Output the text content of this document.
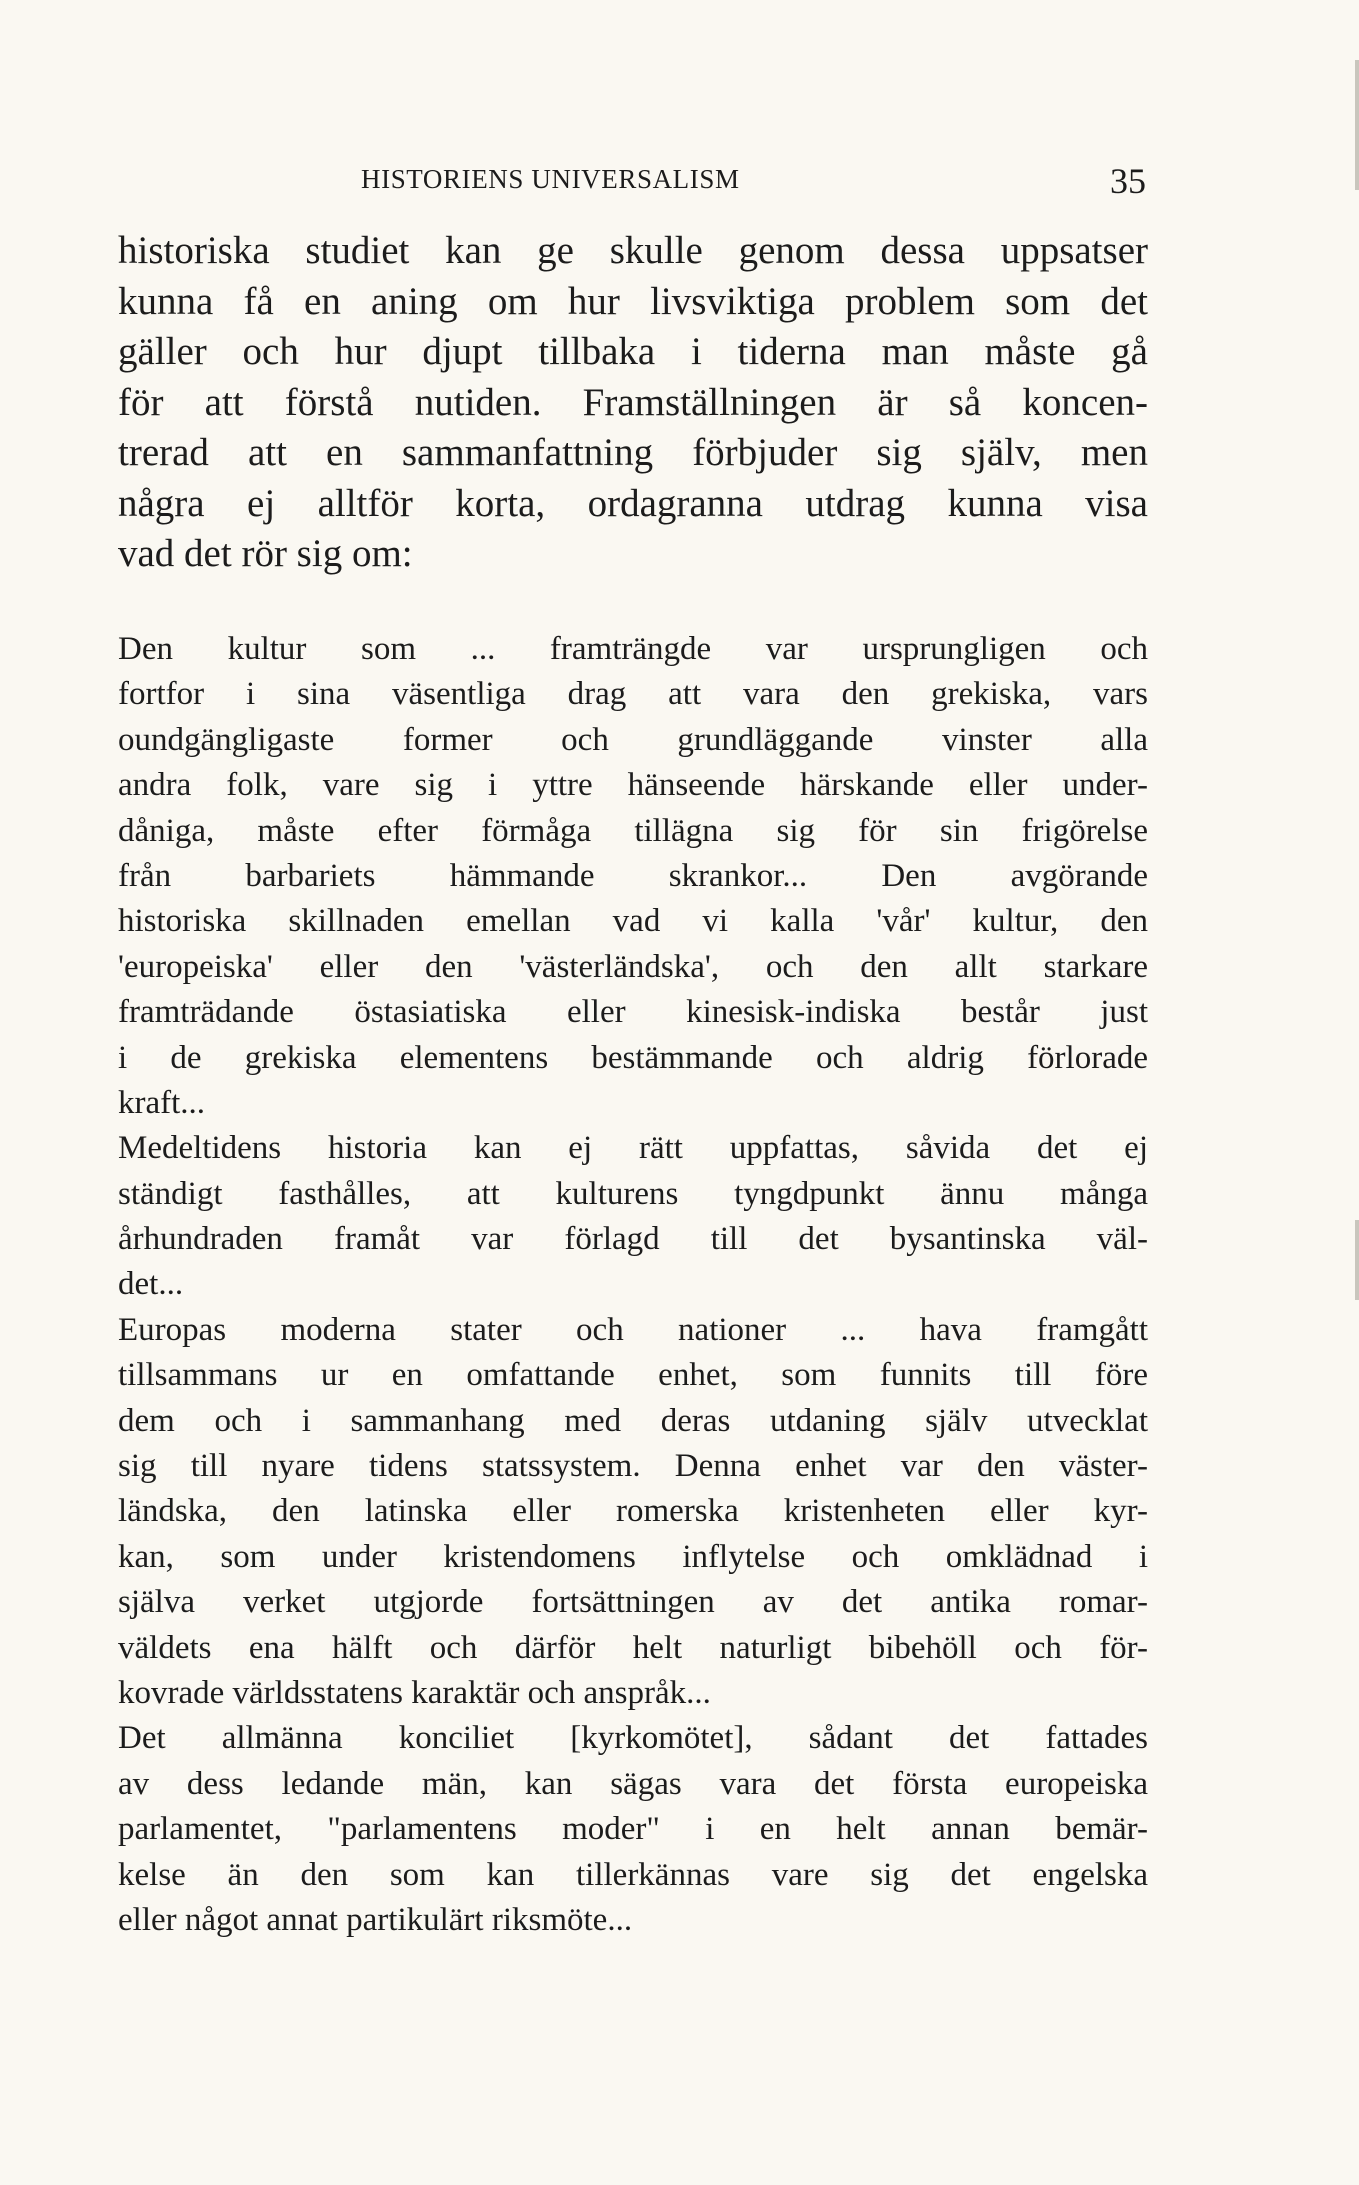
HISTORIENS UNIVERSALISM	35
historiska studiet kan ge skulle genom dessa uppsatser
kunna få en aning om hur livsviktiga problem som det
gäller och hur djupt tillbaka i tiderna man måste gå
för att förstå nutiden. Framställningen är så koncen-
trerad att en sammanfattning förbjuder sig själv, men
några ej alltför korta, ordagranna utdrag kunna visa
vad det rör sig om:
Den kultur som ... framträngde var ursprungligen och
fortfor i sina väsentliga drag att vara den grekiska, vars
oundgängligaste former och grundläggande vinster alla
andra folk, vare sig i yttre hänseende härskande eller under-
dåniga, måste efter förmåga tillägna sig för sin frigörelse
från barbariets hämmande skrankor... Den avgörande
historiska skillnaden emellan vad vi kalla 'vår' kultur, den
'europeiska' eller den 'västerländska', och den allt starkare
framträdande östasiatiska eller kinesisk-indiska består just
i de grekiska elementens bestämmande och aldrig förlorade
kraft...
Medeltidens historia kan ej rätt uppfattas, såvida det ej
ständigt fasthålles, att kulturens tyngdpunkt ännu många
århundraden framåt var förlagd till det bysantinska väl-
det...
Europas moderna stater och nationer ... hava framgått
tillsammans ur en omfattande enhet, som funnits till före
dem och i sammanhang med deras utdaning själv utvecklat
sig till nyare tidens statssystem. Denna enhet var den väster-
ländska, den latinska eller romerska kristenheten eller kyr-
kan, som under kristendomens inflytelse och omklädnad i
själva verket utgjorde fortsättningen av det antika romar-
väldets ena hälft och därför helt naturligt bibehöll och för-
kovrade världsstatens karaktär och anspråk...
Det allmänna konciliet [kyrkomötet], sådant det fattades
av dess ledande män, kan sägas vara det första europeiska
parlamentet, "parlamentens moder" i en helt annan bemär-
kelse än den som kan tillerkännas vare sig det engelska
eller något annat partikulärt riksmöte...
